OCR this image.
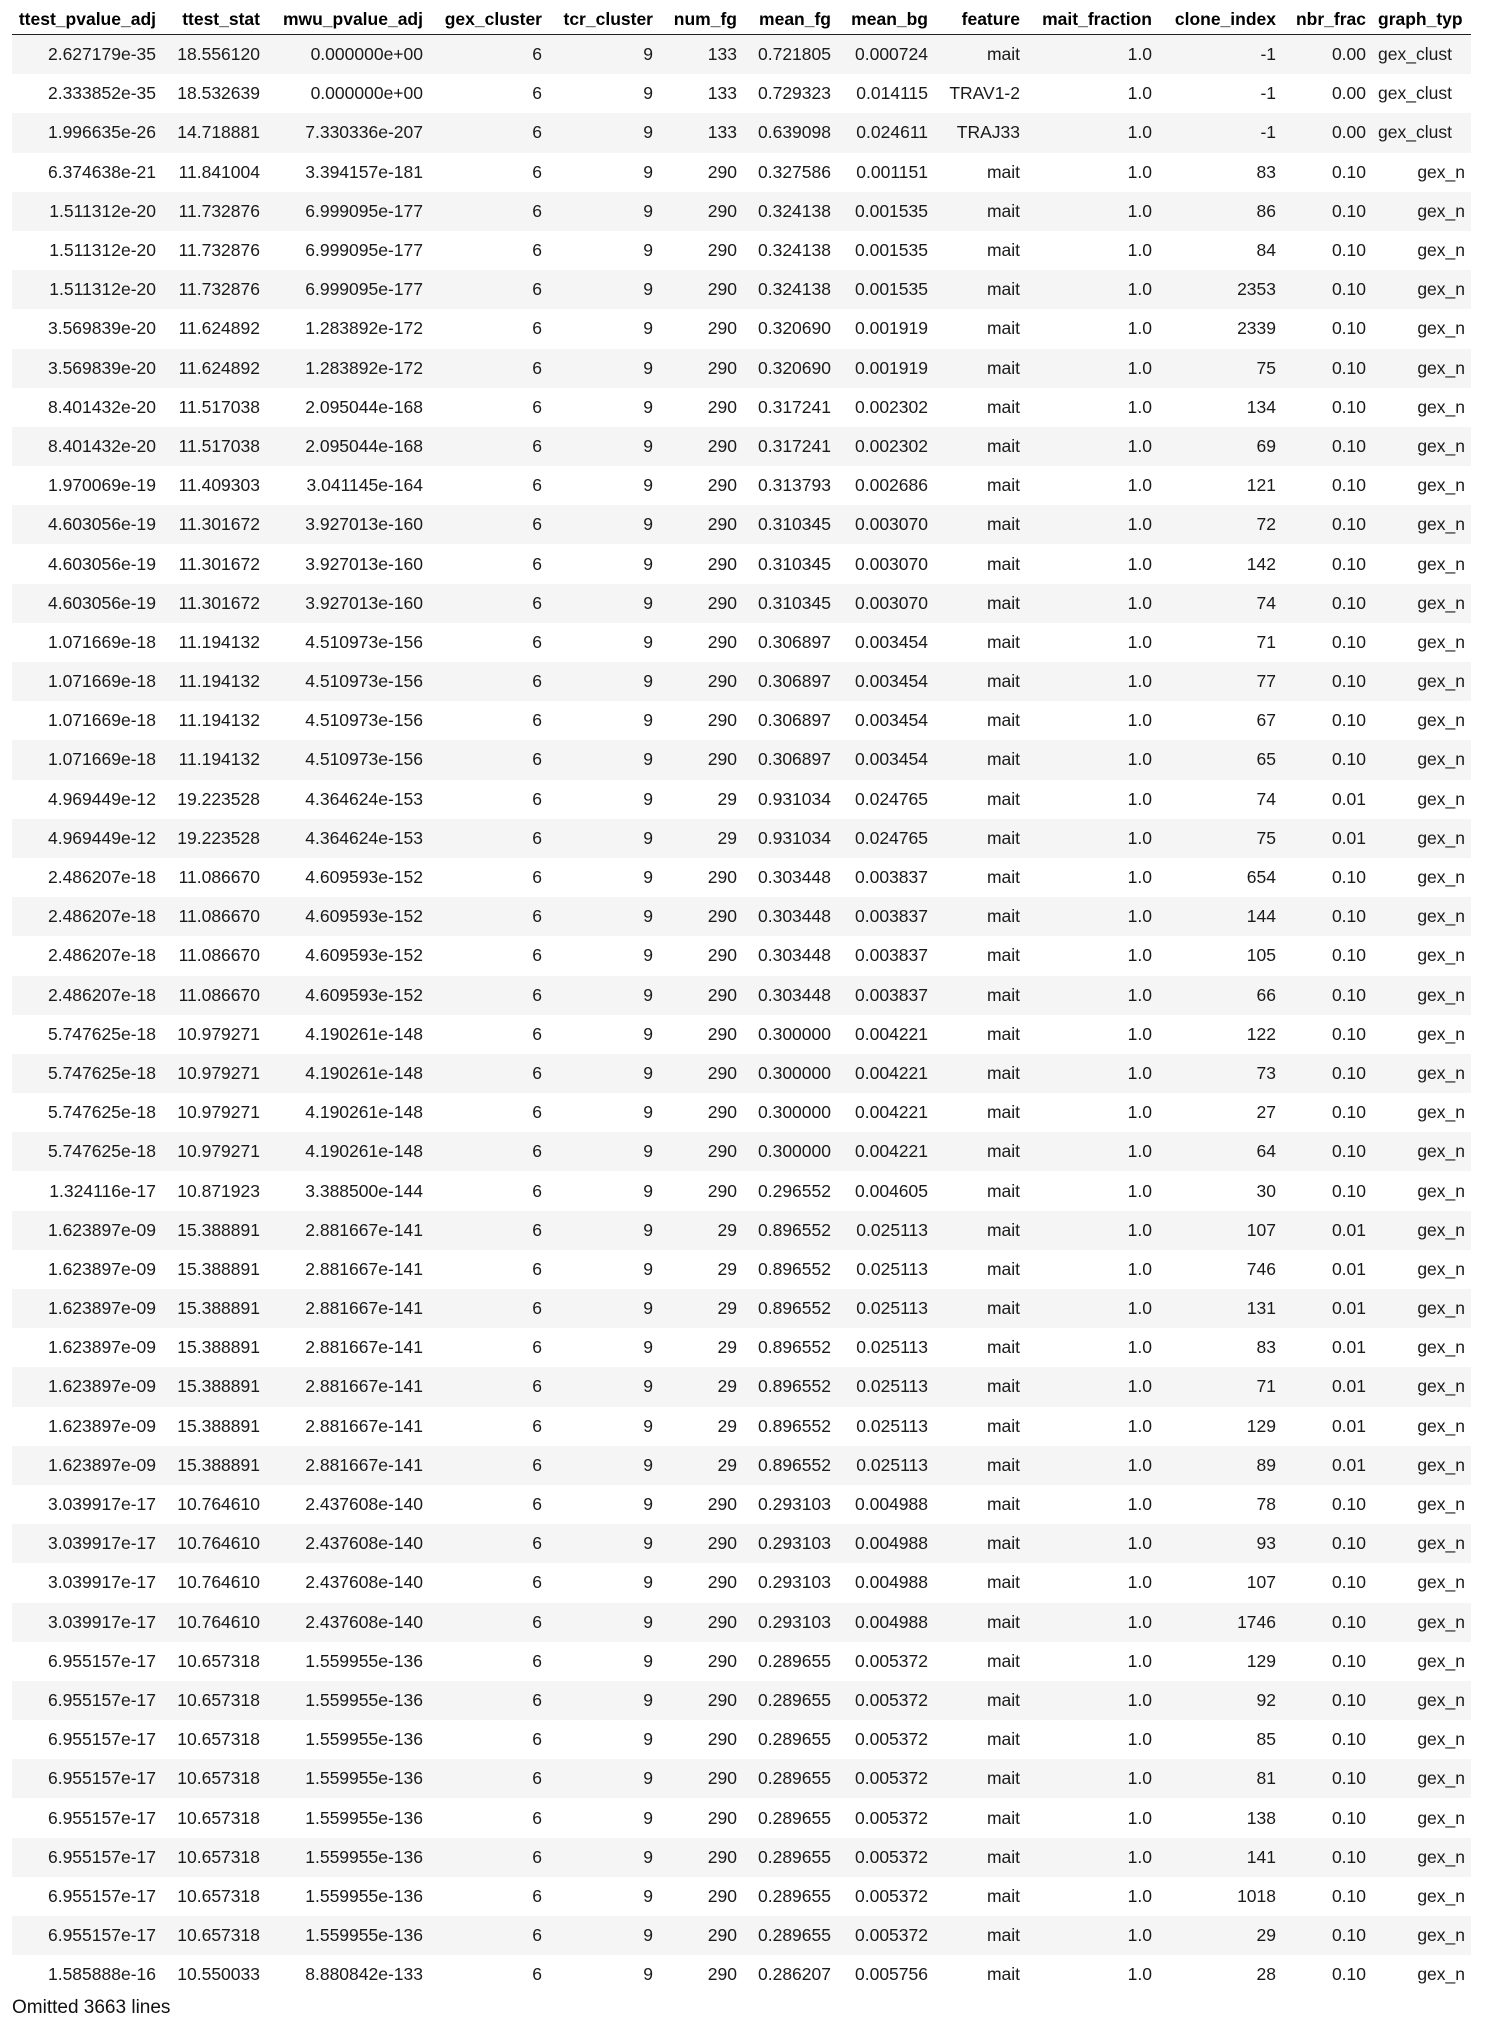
ttest_pvalue_adj	ttest_stat	mwu_pvalue_adj	gex_cluster	tcr_cluster	num_fg	mean_fg	mean_bg	feature	mait_fraction	clone_index	nbr_frac	graph_typ
2.627179e-35	18.556120	0.000000e+00	6	9	133	0.721805	0.000724	mait	1.0	-1	0.00	gex_clust
2.333852e-35	18.532639	0.000000e+00	6	9	133	0.729323	0.014115	TRAV1-2	1.0	-1	0.00	gex_clust
1.996635e-26	14.718881	7.330336e-207	6	9	133	0.639098	0.024611	TRAJ33	1.0	-1	0.00	gex_clust
6.374638e-21	11.841004	3.394157e-181	6	9	290	0.327586	0.001151	mait	1.0	83	0.10	gex_n
1.511312e-20	11.732876	6.999095e-177	6	9	290	0.324138	0.001535	mait	1.0	86	0.10	gex_n
1.511312e-20	11.732876	6.999095e-177	6	9	290	0.324138	0.001535	mait	1.0	84	0.10	gex_n
1.511312e-20	11.732876	6.999095e-177	6	9	290	0.324138	0.001535	mait	1.0	2353	0.10	gex_n
3.569839e-20	11.624892	1.283892e-172	6	9	290	0.320690	0.001919	mait	1.0	2339	0.10	gex_n
3.569839e-20	11.624892	1.283892e-172	6	9	290	0.320690	0.001919	mait	1.0	75	0.10	gex_n
8.401432e-20	11.517038	2.095044e-168	6	9	290	0.317241	0.002302	mait	1.0	134	0.10	gex_n
8.401432e-20	11.517038	2.095044e-168	6	9	290	0.317241	0.002302	mait	1.0	69	0.10	gex_n
1.970069e-19	11.409303	3.041145e-164	6	9	290	0.313793	0.002686	mait	1.0	121	0.10	gex_n
4.603056e-19	11.301672	3.927013e-160	6	9	290	0.310345	0.003070	mait	1.0	72	0.10	gex_n
4.603056e-19	11.301672	3.927013e-160	6	9	290	0.310345	0.003070	mait	1.0	142	0.10	gex_n
4.603056e-19	11.301672	3.927013e-160	6	9	290	0.310345	0.003070	mait	1.0	74	0.10	gex_n
1.071669e-18	11.194132	4.510973e-156	6	9	290	0.306897	0.003454	mait	1.0	71	0.10	gex_n
1.071669e-18	11.194132	4.510973e-156	6	9	290	0.306897	0.003454	mait	1.0	77	0.10	gex_n
1.071669e-18	11.194132	4.510973e-156	6	9	290	0.306897	0.003454	mait	1.0	67	0.10	gex_n
1.071669e-18	11.194132	4.510973e-156	6	9	290	0.306897	0.003454	mait	1.0	65	0.10	gex_n
4.969449e-12	19.223528	4.364624e-153	6	9	29	0.931034	0.024765	mait	1.0	74	0.01	gex_n
4.969449e-12	19.223528	4.364624e-153	6	9	29	0.931034	0.024765	mait	1.0	75	0.01	gex_n
2.486207e-18	11.086670	4.609593e-152	6	9	290	0.303448	0.003837	mait	1.0	654	0.10	gex_n
2.486207e-18	11.086670	4.609593e-152	6	9	290	0.303448	0.003837	mait	1.0	144	0.10	gex_n
2.486207e-18	11.086670	4.609593e-152	6	9	290	0.303448	0.003837	mait	1.0	105	0.10	gex_n
2.486207e-18	11.086670	4.609593e-152	6	9	290	0.303448	0.003837	mait	1.0	66	0.10	gex_n
5.747625e-18	10.979271	4.190261e-148	6	9	290	0.300000	0.004221	mait	1.0	122	0.10	gex_n
5.747625e-18	10.979271	4.190261e-148	6	9	290	0.300000	0.004221	mait	1.0	73	0.10	gex_n
5.747625e-18	10.979271	4.190261e-148	6	9	290	0.300000	0.004221	mait	1.0	27	0.10	gex_n
5.747625e-18	10.979271	4.190261e-148	6	9	290	0.300000	0.004221	mait	1.0	64	0.10	gex_n
1.324116e-17	10.871923	3.388500e-144	6	9	290	0.296552	0.004605	mait	1.0	30	0.10	gex_n
1.623897e-09	15.388891	2.881667e-141	6	9	29	0.896552	0.025113	mait	1.0	107	0.01	gex_n
1.623897e-09	15.388891	2.881667e-141	6	9	29	0.896552	0.025113	mait	1.0	746	0.01	gex_n
1.623897e-09	15.388891	2.881667e-141	6	9	29	0.896552	0.025113	mait	1.0	131	0.01	gex_n
1.623897e-09	15.388891	2.881667e-141	6	9	29	0.896552	0.025113	mait	1.0	83	0.01	gex_n
1.623897e-09	15.388891	2.881667e-141	6	9	29	0.896552	0.025113	mait	1.0	71	0.01	gex_n
1.623897e-09	15.388891	2.881667e-141	6	9	29	0.896552	0.025113	mait	1.0	129	0.01	gex_n
1.623897e-09	15.388891	2.881667e-141	6	9	29	0.896552	0.025113	mait	1.0	89	0.01	gex_n
3.039917e-17	10.764610	2.437608e-140	6	9	290	0.293103	0.004988	mait	1.0	78	0.10	gex_n
3.039917e-17	10.764610	2.437608e-140	6	9	290	0.293103	0.004988	mait	1.0	93	0.10	gex_n
3.039917e-17	10.764610	2.437608e-140	6	9	290	0.293103	0.004988	mait	1.0	107	0.10	gex_n
3.039917e-17	10.764610	2.437608e-140	6	9	290	0.293103	0.004988	mait	1.0	1746	0.10	gex_n
6.955157e-17	10.657318	1.559955e-136	6	9	290	0.289655	0.005372	mait	1.0	129	0.10	gex_n
6.955157e-17	10.657318	1.559955e-136	6	9	290	0.289655	0.005372	mait	1.0	92	0.10	gex_n
6.955157e-17	10.657318	1.559955e-136	6	9	290	0.289655	0.005372	mait	1.0	85	0.10	gex_n
6.955157e-17	10.657318	1.559955e-136	6	9	290	0.289655	0.005372	mait	1.0	81	0.10	gex_n
6.955157e-17	10.657318	1.559955e-136	6	9	290	0.289655	0.005372	mait	1.0	138	0.10	gex_n
6.955157e-17	10.657318	1.559955e-136	6	9	290	0.289655	0.005372	mait	1.0	141	0.10	gex_n
6.955157e-17	10.657318	1.559955e-136	6	9	290	0.289655	0.005372	mait	1.0	1018	0.10	gex_n
6.955157e-17	10.657318	1.559955e-136	6	9	290	0.289655	0.005372	mait	1.0	29	0.10	gex_n
1.585888e-16	10.550033	8.880842e-133	6	9	290	0.286207	0.005756	mait	1.0	28	0.10	gex_n
Omitted 3663 lines
